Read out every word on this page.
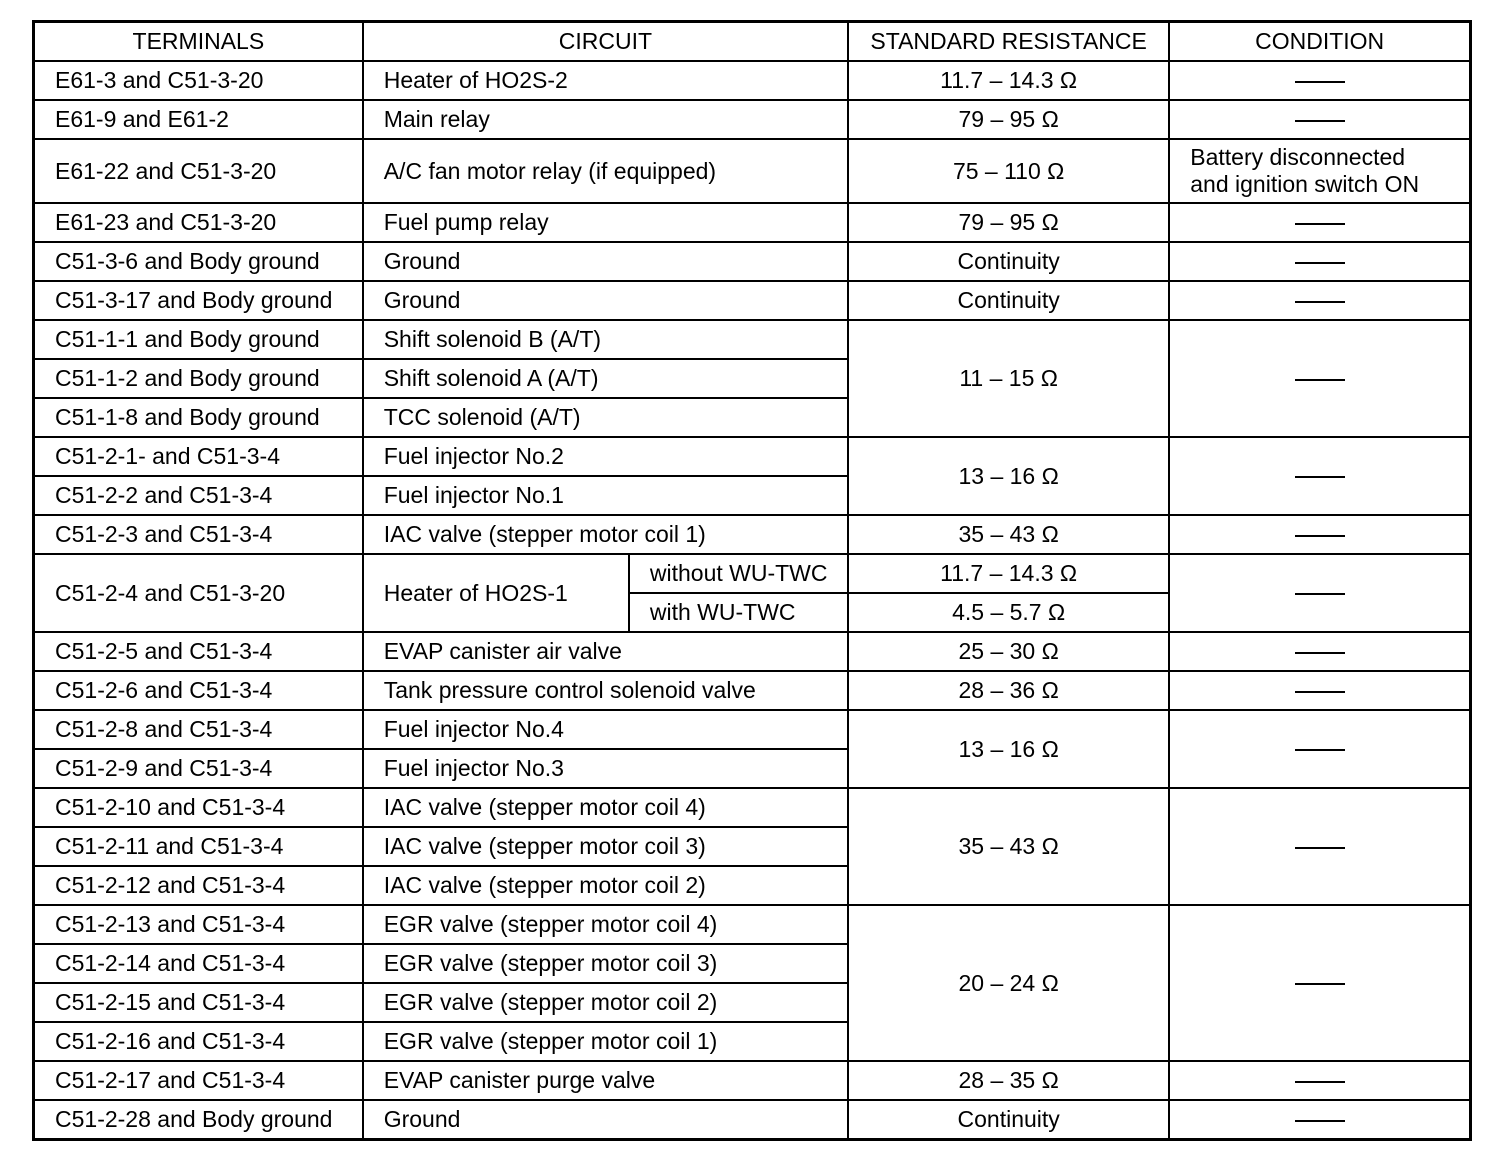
TERMINALS	CIRCUIT		STANDARD RESISTANCE	CONDITION
E61-3 and C51-3-20	Heater of HO2S-2		11.7 – 14.3 Ω	
E61-9 and E61-2	Main relay		79 – 95 Ω	
E61-22 and C51-3-20	A/C fan motor relay (if equipped)		75 – 110 Ω	Battery disconnected and ignition switch ON
E61-23 and C51-3-20	Fuel pump relay		79 – 95 Ω	
C51-3-6 and Body ground	Ground		Continuity	
C51-3-17 and Body ground	Ground		Continuity	
C51-1-1 and Body ground	Shift solenoid B (A/T)		11 – 15 Ω	
C51-1-2 and Body ground	Shift solenoid A (A/T)			
C51-1-8 and Body ground	TCC solenoid (A/T)			
C51-2-1- and C51-3-4	Fuel injector No.2		13 – 16 Ω	
C51-2-2 and C51-3-4	Fuel injector No.1			
C51-2-3 and C51-3-4	IAC valve (stepper motor coil 1)		35 – 43 Ω	
C51-2-4 and C51-3-20	Heater of HO2S-1	without WU-TWC	11.7 – 14.3 Ω	
		with WU-TWC	4.5 – 5.7 Ω	
C51-2-5 and C51-3-4	EVAP canister air valve		25 – 30 Ω	
C51-2-6 and C51-3-4	Tank pressure control solenoid valve		28 – 36 Ω	
C51-2-8 and C51-3-4	Fuel injector No.4		13 – 16 Ω	
C51-2-9 and C51-3-4	Fuel injector No.3			
C51-2-10 and C51-3-4	IAC valve (stepper motor coil 4)		35 – 43 Ω	
C51-2-11 and C51-3-4	IAC valve (stepper motor coil 3)			
C51-2-12 and C51-3-4	IAC valve (stepper motor coil 2)			
C51-2-13 and C51-3-4	EGR valve (stepper motor coil 4)		20 – 24 Ω	
C51-2-14 and C51-3-4	EGR valve (stepper motor coil 3)			
C51-2-15 and C51-3-4	EGR valve (stepper motor coil 2)			
C51-2-16 and C51-3-4	EGR valve (stepper motor coil 1)			
C51-2-17 and C51-3-4	EVAP canister purge valve		28 – 35 Ω	
C51-2-28 and Body ground	Ground		Continuity	
